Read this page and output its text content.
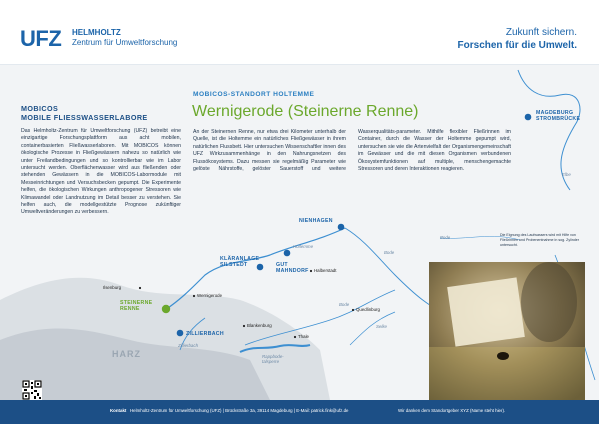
UFZ HELMHOLTZ
Zentrum für Umweltforschung
Zukunft sichern.
Forschen für die Umwelt.
MOBICOS
MOBILE FLIESSWASSERLABORE
Das Helmholtz-Zentrum für Umweltforschung (UFZ) betreibt eine einzigartige Forschungsplattform aus acht mobilen, containerbasierten Fließwasserlaboren. Mit MOBICOS können ökologische Prozesse in Fließgewässern nahezu so natürlich wie unter Freilandbedingungen und so kontrollierbar wie im Labor untersucht werden. Oberflächenwasser wird aus fließenden oder stehenden Gewässern in die MOBICOS-Labormodule mit Messeinrichtungen und Versuchsbecken gepumpt. Die Experimente helfen, die ökologischen Wirkungen anthropogener Stressoren wie Klimawandel oder Landnutzung im Detail besser zu verstehen. Sie helfen auch, die modellgestützte Prognose zukünftiger Umweltveränderungen zu verbessern.
MOBICOS-STANDORT HOLTEMME
Wernigerode (Steinerne Renne)
An der Steinernen Renne, nur etwa drei Kilometer unterhalb der Quelle, ist die Holtemme ein natürliches Fließgewässer in ihrem natürlichen Flussbett. Hier untersuchen Wissenschaftler innen des UFZ Wirkzusammenhänge in den Nahrungsnetzen des Flussökosystems. Dazu messen sie regelmäßig Parameter wie gelöste Nährstoffe, gelöster Sauerstoff und weitere Wasserqualitäts-parameter. Mithilfe flexibler Fließrinnen im Container, durch die Wasser der Holtemme gepumpt wird, untersuchen sie wie die Artenvielfalt der Organismengemeinschaft im Gewässer und die mit diesen Organismen verbundenen Ökosystemfunktionen auf multiple, menschengemachte Stressoren und deren Interaktionen reagieren.
MAGDEBURG STROMBRÜCKE
NIENHAGEN
GUT MAHNDORF
KLÄRANLAGE SILSTEDT
STEINERNE RENNE
ZILLIERBACH
Halberstadt
Wernigerode
Quedlinburg
Ilsenburg
Thale
Blankenburg
Holtemme
Zillierbach
Bode
Bode
Bode
Selke
Elbe
Rappbode-talsperre
HARZ
Die Eignung des Laufwassers wird mit Hilfe von Fließrinnen und Probenentnahme in sog. Zylinder untersucht.
Kontakt Helmholtz-Zentrum für Umweltforschung (UFZ) | Brückstraße 3a, 39114 Magdeburg | E-Mail: patrick.fink@ufz.de	Wir danken dem Standortgeber XYZ (Name steht hier).
